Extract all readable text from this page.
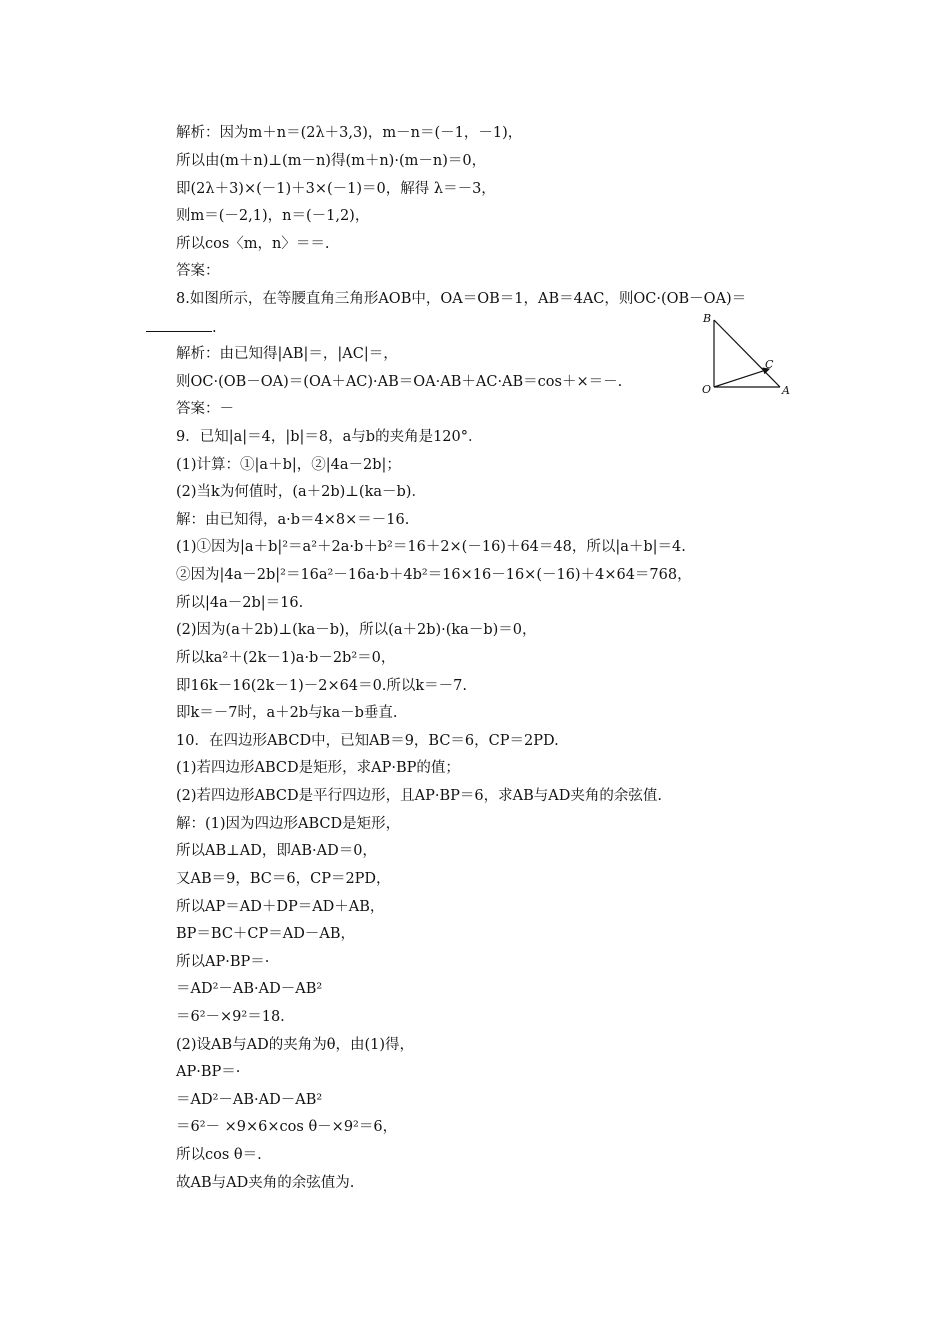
解析：因为m＋n＝(2λ＋3,3)，m－n＝(－1，－1)，
所以由(m＋n)⊥(m－n)得(m＋n)·(m－n)＝0，
即(2λ＋3)×(－1)＋3×(－1)＝0，解得 λ＝－3，
则m＝(－2,1)，n＝(－1,2)，
所以cos〈m，n〉＝＝.
答案：
8.如图所示，在等腰直角三角形AOB中，OA＝OB＝1，AB＝4AC，则OC·(OB－OA)＝
.
解析：由已知得|AB|＝，|AC|＝，
则OC·(OB－OA)＝(OA＋AC)·AB＝OA·AB＋AC·AB＝cos＋×＝－.
答案：－
9．已知|a|＝4，|b|＝8，a与b的夹角是120°．
(1)计算：①|a＋b|，②|4a－2b|；
(2)当k为何值时，(a＋2b)⊥(ka－b)．
解：由已知得，a·b＝4×8×＝－16.
(1)①因为|a＋b|²＝a²＋2a·b＋b²＝16＋2×(－16)＋64＝48，所以|a＋b|＝4.
②因为|4a－2b|²＝16a²－16a·b＋4b²＝16×16－16×(－16)＋4×64＝768，
所以|4a－2b|＝16.
(2)因为(a＋2b)⊥(ka－b)，所以(a＋2b)·(ka－b)＝0，
所以ka²＋(2k－1)a·b－2b²＝0，
即16k－16(2k－1)－2×64＝0.所以k＝－7.
即k＝－7时，a＋2b与ka－b垂直.
10．在四边形ABCD中，已知AB＝9，BC＝6，CP＝2PD.
(1)若四边形ABCD是矩形，求AP·BP的值；
(2)若四边形ABCD是平行四边形，且AP·BP＝6，求AB与AD夹角的余弦值.
解：(1)因为四边形ABCD是矩形，
所以AB⊥AD，即AB·AD＝0，
又AB＝9，BC＝6，CP＝2PD，
所以AP＝AD＋DP＝AD＋AB，
BP＝BC＋CP＝AD－AB，
所以AP·BP＝·
＝AD²－AB·AD－AB²
＝6²－×9²＝18.
(2)设AB与AD的夹角为θ，由(1)得，
AP·BP＝·
＝AD²－AB·AD－AB²
＝6²－ ×9×6×cos θ－×9²＝6，
所以cos θ＝.
故AB与AD夹角的余弦值为.
B
C
O	A
